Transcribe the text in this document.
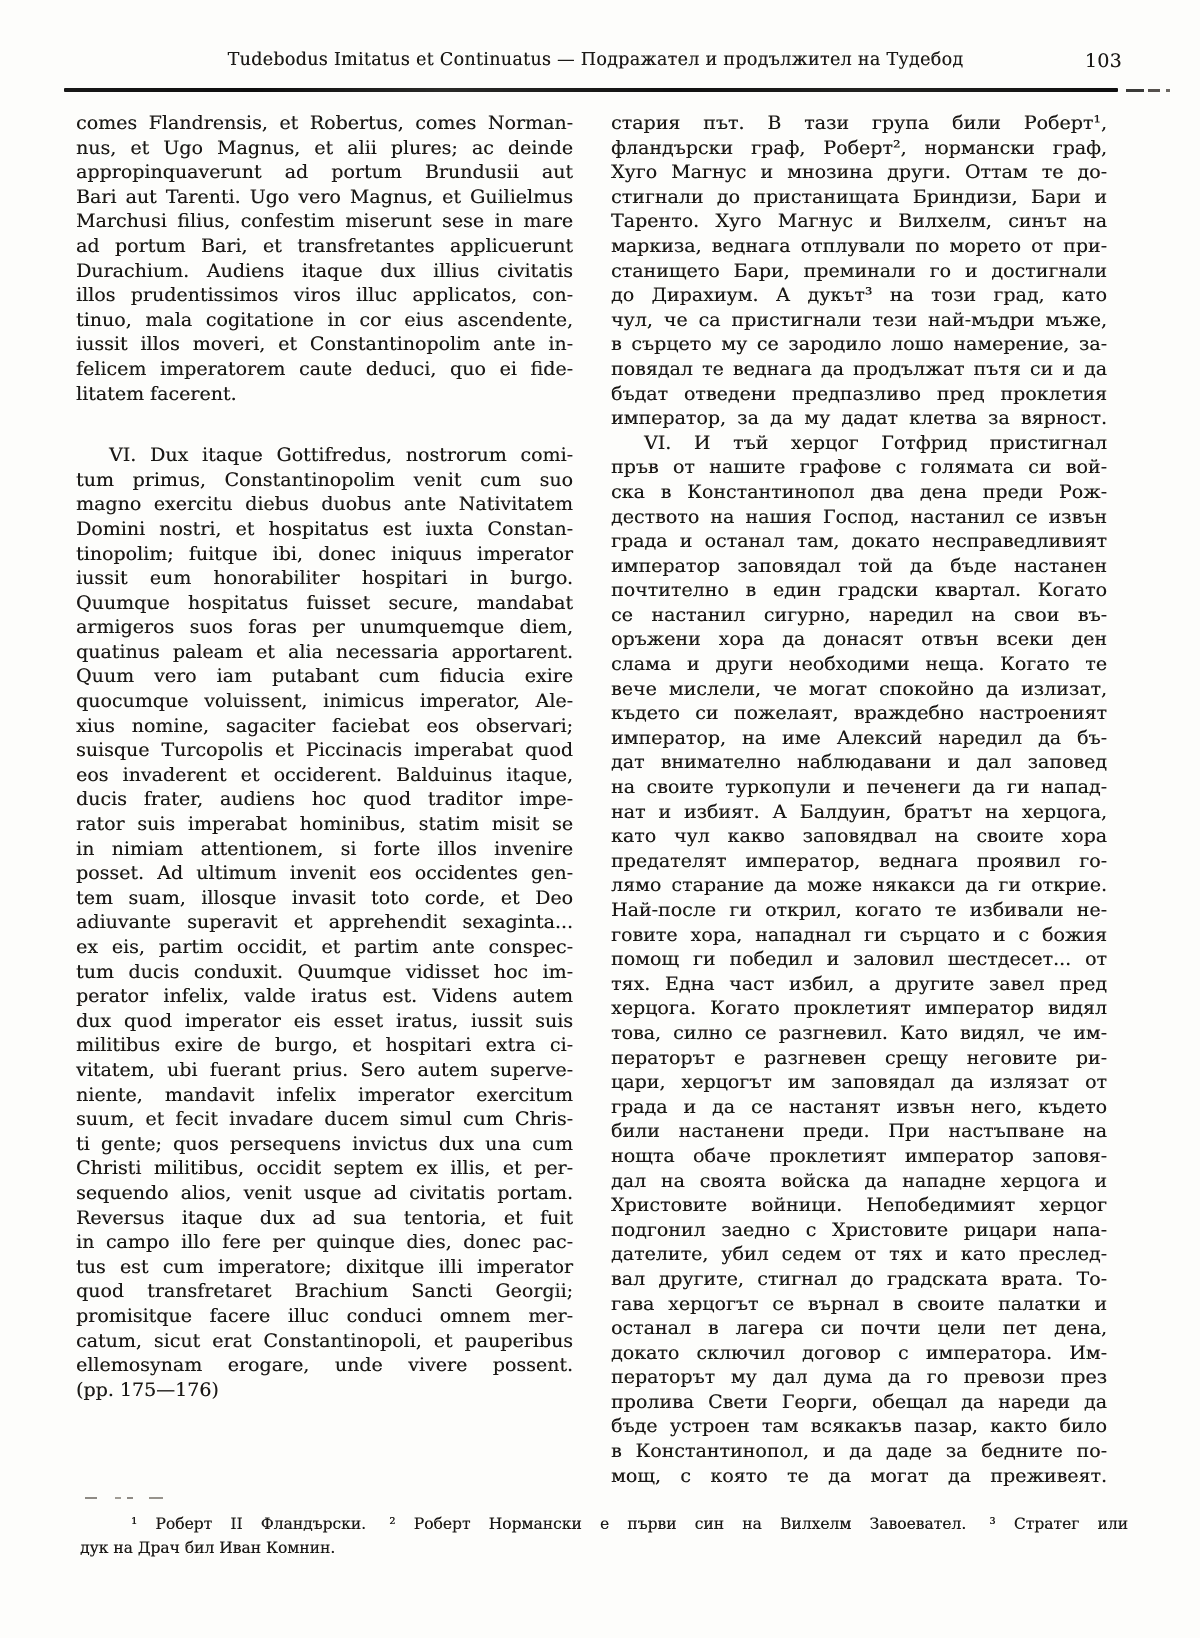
Tudebodus Imitatus et Continuatus — Подражател и продължител на Тудебод	103
comes Flandrensis, et Robertus, comes Norman-
nus, et Ugo Magnus, et alii plures; ac deinde
appropinquaverunt ad portum Brundusii aut
Bari aut Tarenti. Ugo vero Magnus, et Guilielmus
Marchusi filius, confestim miserunt sese in mare
ad portum Bari, et transfretantes applicuerunt
Durachium. Audiens itaque dux illius civitatis
illos prudentissimos viros illuc applicatos, con-
tinuo, mala cogitatione in cor eius ascendente,
iussit illos moveri, et Constantinopolim ante in-
felicem imperatorem caute deduci, quo ei fide-
litatem facerent.
VI. Dux itaque Gottifredus, nostrorum comi-
tum primus, Constantinopolim venit cum suo
magno exercitu diebus duobus ante Nativitatem
Domini nostri, et hospitatus est iuxta Constan-
tinopolim; fuitque ibi, donec iniquus imperator
iussit eum honorabiliter hospitari in burgo.
Quumque hospitatus fuisset secure, mandabat
armigeros suos foras per unumquemque diem,
quatinus paleam et alia necessaria apportarent.
Quum vero iam putabant cum fiducia exire
quocumque voluissent, inimicus imperator, Ale-
xius nomine, sagaciter faciebat eos observari;
suisque Turcopolis et Piccinacis imperabat quod
eos invaderent et occiderent. Balduinus itaque,
ducis frater, audiens hoc quod traditor impe-
rator suis imperabat hominibus, statim misit se
in nimiam attentionem, si forte illos invenire
posset. Ad ultimum invenit eos occidentes gen-
tem suam, illosque invasit toto corde, et Deo
adiuvante superavit et apprehendit sexaginta...
ex eis, partim occidit, et partim ante conspec-
tum ducis conduxit. Quumque vidisset hoc im-
perator infelix, valde iratus est. Videns autem
dux quod imperator eis esset iratus, iussit suis
militibus exire de burgo, et hospitari extra ci-
vitatem, ubi fuerant prius. Sero autem superve-
niente, mandavit infelix imperator exercitum
suum, et fecit invadare ducem simul cum Chris-
ti gente; quos persequens invictus dux una cum
Christi militibus, occidit septem ex illis, et per-
sequendo alios, venit usque ad civitatis portam.
Reversus itaque dux ad sua tentoria, et fuit
in campo illo fere per quinque dies, donec pac-
tus est cum imperatore; dixitque illi imperator
quod transfretaret Brachium Sancti Georgii;
promisitque facere illuc conduci omnem mer-
catum, sicut erat Constantinopoli, et pauperibus
ellemosynam erogare, unde vivere possent.
(pp. 175—176)
стария път. В тази група били Роберт¹,
фландърски граф, Роберт², нормански граф,
Хуго Магнус и мнозина други. Оттам те до-
стигнали до пристанищата Бриндизи, Бари и
Таренто. Хуго Магнус и Вилхелм, синът на
маркиза, веднага отплували по морето от при-
станището Бари, преминали го и достигнали
до Дирахиум. А дукът³ на този град, като
чул, че са пристигнали тези най-мъдри мъже,
в сърцето му се зародило лошо намерение, за-
повядал те веднага да продължат пътя си и да
бъдат отведени предпазливо пред проклетия
император, за да му дадат клетва за вярност.
VI. И тъй херцог Готфрид пристигнал
пръв от нашите графове с голямата си вой-
ска в Константинопол два дена преди Рож-
деството на нашия Господ, настанил се извън
града и останал там, докато несправедливият
император заповядал той да бъде настанен
почтително в един градски квартал. Когато
се настанил сигурно, наредил на свои въ-
оръжени хора да донасят отвън всеки ден
слама и други необходими неща. Когато те
вече мислели, че могат спокойно да излизат,
където си пожелаят, враждебно настроеният
император, на име Алексий наредил да бъ-
дат внимателно наблюдавани и дал заповед
на своите туркопули и печенеги да ги напад-
нат и избият. А Балдуин, братът на херцога,
като чул какво заповядвал на своите хора
предателят император, веднага проявил го-
лямо старание да може някакси да ги открие.
Най-после ги открил, когато те избивали не-
говите хора, нападнал ги сърцато и с божия
помощ ги победил и заловил шестдесет... от
тях. Една част избил, а другите завел пред
херцога. Когато проклетият император видял
това, силно се разгневил. Като видял, че им-
ператорът е разгневен срещу неговите ри-
цари, херцогът им заповядал да излязат от
града и да се настанят извън него, където
били настанени преди. При настъпване на
нощта обаче проклетият император заповя-
дал на своята войска да нападне херцога и
Христовите войници. Непобедимият херцог
подгонил заедно с Христовите рицари напа-
дателите, убил седем от тях и като преслед-
вал другите, стигнал до градската врата. То-
гава херцогът се върнал в своите палатки и
останал в лагера си почти цели пет дена,
докато сключил договор с императора. Им-
ператорът му дал дума да го превози през
пролива Свети Георги, обещал да нареди да
бъде устроен там всякакъв пазар, както било
в Константинопол, и да даде за бедните по-
мощ, с която те да могат да преживеят.
¹ Роберт II Фландърски.   ² Роберт Нормански е първи син на Вилхелм Завоевател.   ³ Стратег или
дук на Драч бил Иван Комнин.
